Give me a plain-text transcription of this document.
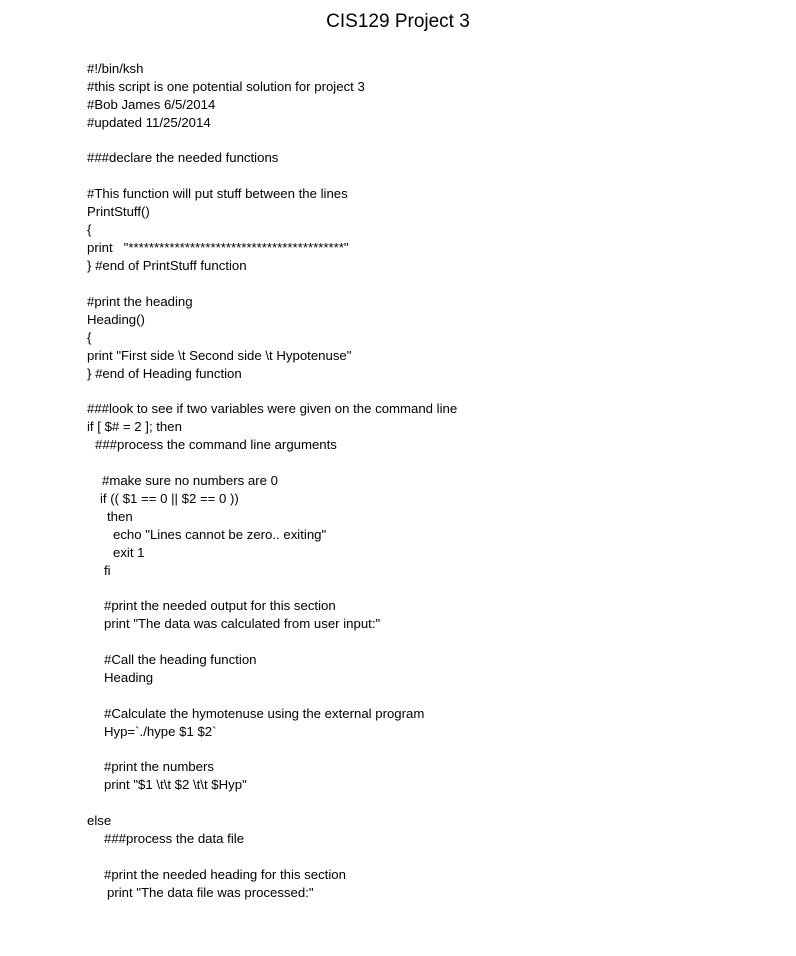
CIS129 Project 3
#!/bin/ksh
#this script is one potential solution for project 3
#Bob James 6/5/2014
#updated 11/25/2014
###declare the needed functions
#This function will put stuff between the lines
PrintStuff()
{
print   "******************************************"
} #end of PrintStuff function
#print the heading
Heading()
{
print "First side \t Second side \t Hypotenuse"
} #end of Heading function
###look to see if two variables were given on the command line
if [ $# = 2 ]; then
###process the command line arguments
#make sure no numbers are 0
if (( $1 == 0 || $2 == 0 ))
then
echo "Lines cannot be zero.. exiting"
exit 1
fi
#print the needed output for this section
print "The data was calculated from user input:"
#Call the heading function
Heading
#Calculate the hymotenuse using the external program
Hyp=`./hype $1 $2`
#print the numbers
print "$1 \t\t $2 \t\t $Hyp"
else
###process the data file
#print the needed heading for this section
print "The data file was processed:"
